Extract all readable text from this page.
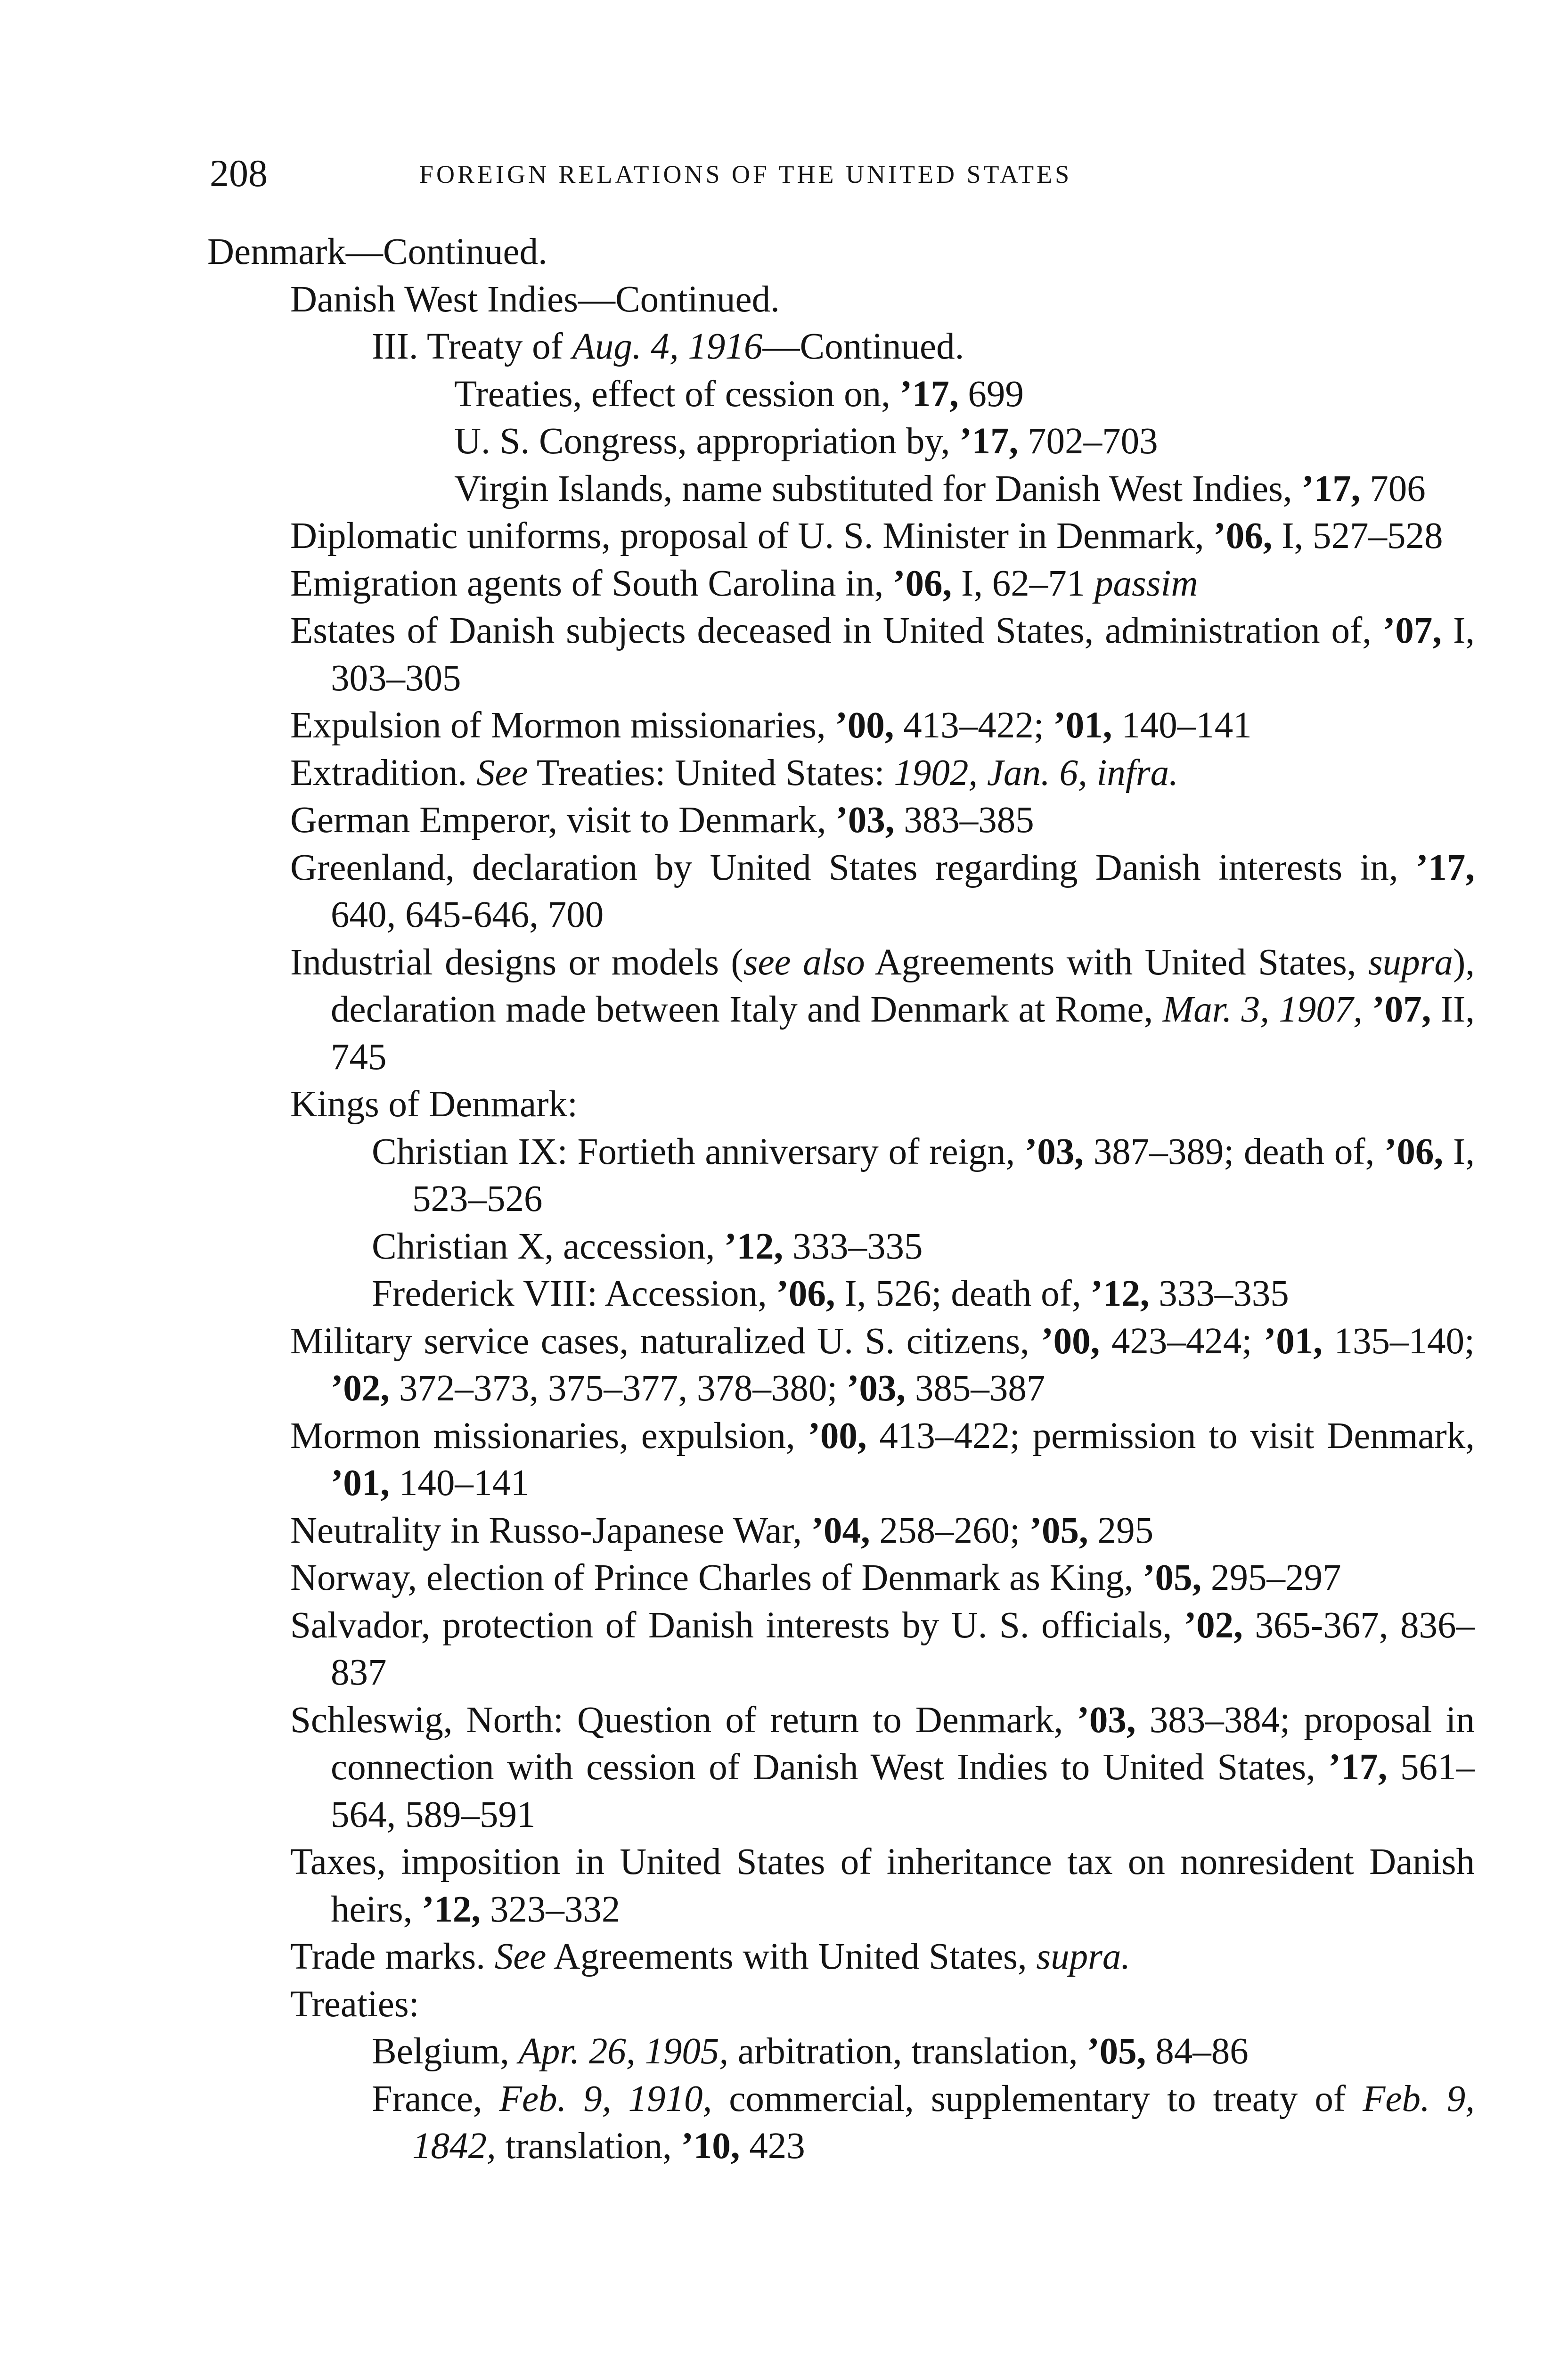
208	FOREIGN RELATIONS OF THE UNITED STATES

Denmark—Continued.

Danish West Indies—Continued.

III. Treaty of Aug. 4, 1916—Continued.

Treaties, effect of cession on, ’17, 699

U. S. Congress, appropriation by, ’17, 702–703

Virgin Islands, name substituted for Danish West Indies, ’17, 706

Diplomatic uniforms, proposal of U. S. Minister in Denmark, ’06, I, 527–528

Emigration agents of South Carolina in, ’06, I, 62–71 passim

Estates of Danish subjects deceased in United States, administration of, ’07, I, 303–305

Expulsion of Mormon missionaries, ’00, 413–422; ’01, 140–141

Extradition. See Treaties: United States: 1902, Jan. 6, infra.

German Emperor, visit to Denmark, ’03, 383–385

Greenland, declaration by United States regarding Danish interests in, ’17, 640, 645-646, 700

Industrial designs or models (see also Agreements with United States, supra), declaration made between Italy and Denmark at Rome, Mar. 3, 1907, ’07, II, 745

Kings of Denmark:

Christian IX: Fortieth anniversary of reign, ’03, 387–389; death of, ’06, I, 523–526

Christian X, accession, ’12, 333–335

Frederick VIII: Accession, ’06, I, 526; death of, ’12, 333–335

Military service cases, naturalized U. S. citizens, ’00, 423–424; ’01, 135–140; ’02, 372–373, 375–377, 378–380; ’03, 385–387

Mormon missionaries, expulsion, ’00, 413–422; permission to visit Denmark, ’01, 140–141

Neutrality in Russo-Japanese War, ’04, 258–260; ’05, 295

Norway, election of Prince Charles of Denmark as King, ’05, 295–297

Salvador, protection of Danish interests by U. S. officials, ’02, 365-367, 836–837

Schleswig, North: Question of return to Denmark, ’03, 383–384; proposal in connection with cession of Danish West Indies to United States, ’17, 561–564, 589–591

Taxes, imposition in United States of inheritance tax on nonresident Danish heirs, ’12, 323–332

Trade marks. See Agreements with United States, supra.

Treaties:

Belgium, Apr. 26, 1905, arbitration, translation, ’05, 84–86

France, Feb. 9, 1910, commercial, supplementary to treaty of Feb. 9, 1842, translation, ’10, 423
